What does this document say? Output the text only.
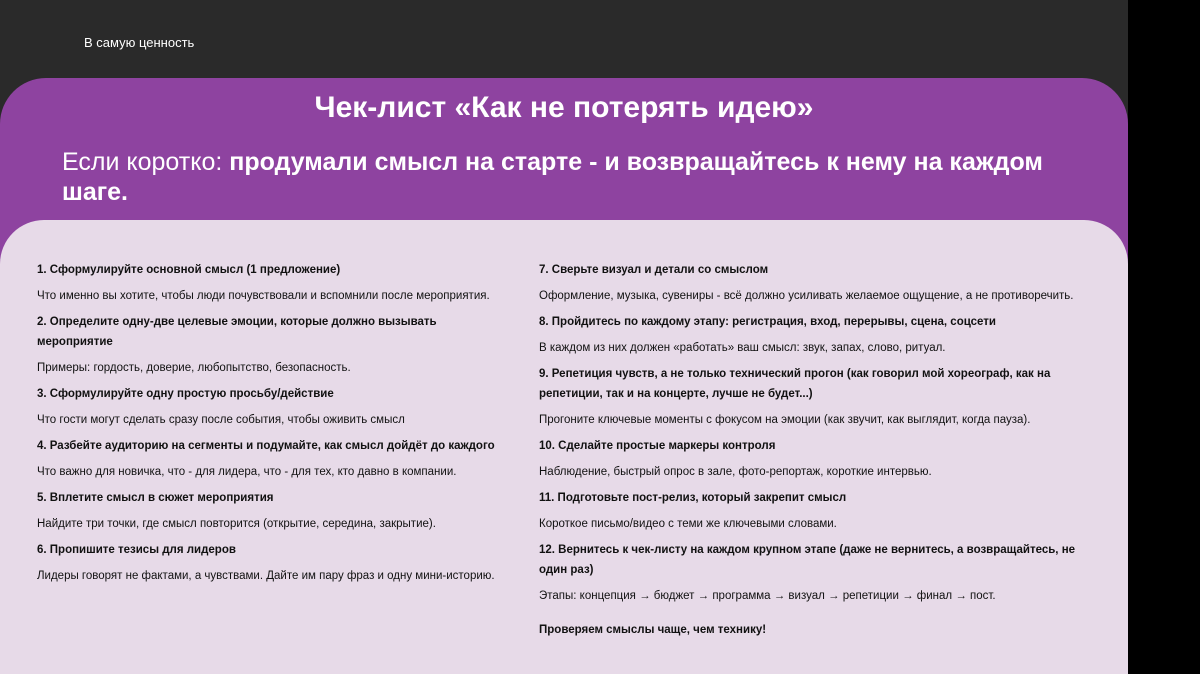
В самую ценность
Чек-лист «Как не потерять идею»
Если коротко: продумали смысл на старте - и возвращайтесь к нему на каждом шаге.
1. Сформулируйте основной смысл (1 предложение)
Что именно вы хотите, чтобы люди почувствовали и вспомнили после мероприятия.
2. Определите одну-две целевые эмоции, которые должно вызывать мероприятие
Примеры: гордость, доверие, любопытство, безопасность.
3. Сформулируйте одну простую просьбу/действие
Что гости могут сделать сразу после события, чтобы оживить смысл
4. Разбейте аудиторию на сегменты и подумайте, как смысл дойдёт до каждого
Что важно для новичка, что - для лидера, что - для тех, кто давно в компании.
5. Вплетите смысл в сюжет мероприятия
Найдите три точки, где смысл повторится (открытие, середина, закрытие).
6. Пропишите тезисы для лидеров
Лидеры говорят не фактами, а чувствами. Дайте им пару фраз и одну мини-историю.
7. Сверьте визуал и детали со смыслом
Оформление, музыка, сувениры - всё должно усиливать желаемое ощущение, а не противоречить.
8. Пройдитесь по каждому этапу: регистрация, вход, перерывы, сцена, соцсети
В каждом из них должен «работать» ваш смысл: звук, запах, слово, ритуал.
9. Репетиция чувств, а не только технический прогон (как говорил мой хореограф, как на репетиции, так и на концерте, лучше не будет...)
Прогоните ключевые моменты с фокусом на эмоции (как звучит, как выглядит, когда пауза).
10. Сделайте простые маркеры контроля
Наблюдение, быстрый опрос в зале, фото-репортаж, короткие интервью.
11. Подготовьте пост-релиз, который закрепит смысл
Короткое письмо/видео с теми же ключевыми словами.
12. Вернитесь к чек-листу на каждом крупном этапе (даже не вернитесь, а возвращайтесь, не один раз)
Этапы: концепция → бюджет → программа → визуал → репетиции → финал → пост.
Проверяем смыслы чаще, чем технику!
